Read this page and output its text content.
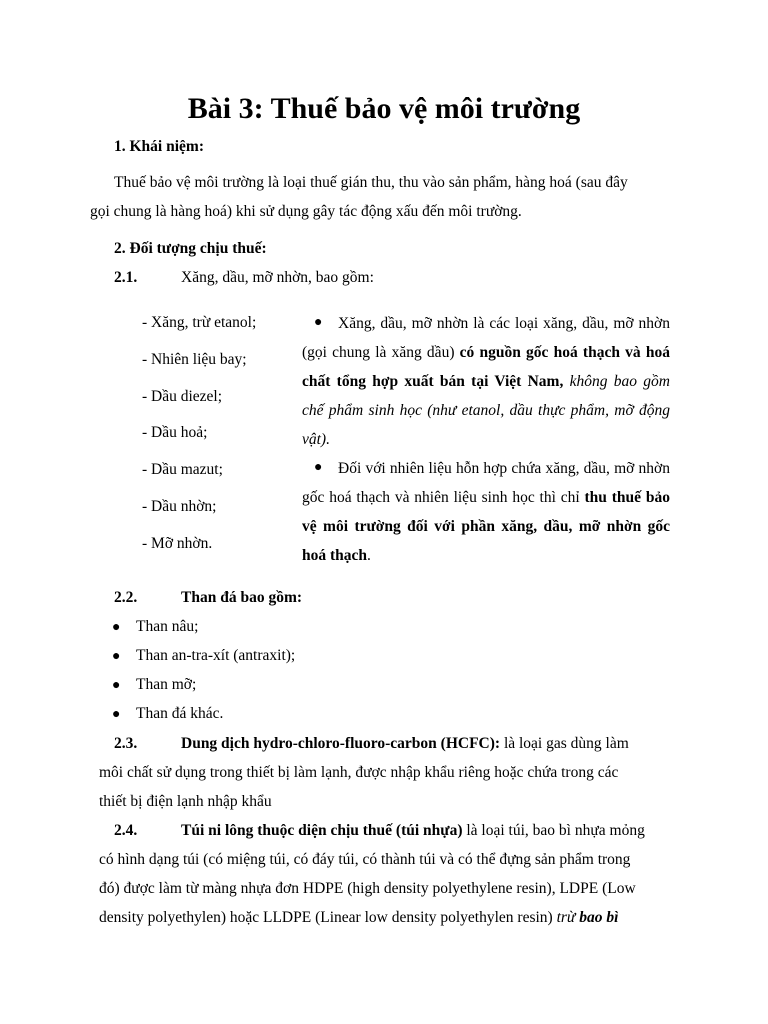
Bài 3: Thuế bảo vệ môi trường
1. Khái niệm:
Thuế bảo vệ môi trường là loại thuế gián thu, thu vào sản phẩm, hàng hoá (sau đây
gọi chung là hàng hoá) khi sử dụng gây tác động xấu đến môi trường.
2. Đối tượng chịu thuế:
2.1.	Xăng, dầu, mỡ nhờn, bao gồm:
- Xăng, trừ etanol;
- Nhiên liệu bay;
- Dầu diezel;
- Dầu hoả;
- Dầu mazut;
- Dầu nhờn;
- Mỡ nhờn.
●	Xăng, dầu, mỡ nhờn là các loại xăng, dầu, mỡ nhờn (gọi chung là xăng dầu) có nguồn gốc hoá thạch và hoá chất tổng hợp xuất bán tại Việt Nam, không bao gồm chế phẩm sinh học (như etanol, dầu thực phẩm, mỡ động vật).
●	Đối với nhiên liệu hỗn hợp chứa xăng, dầu, mỡ nhờn gốc hoá thạch và nhiên liệu sinh học thì chỉ thu thuế bảo vệ môi trường đối với phần xăng, dầu, mỡ nhờn gốc hoá thạch.
2.2.	Than đá bao gồm:
● Than nâu;
● Than an-tra-xít (antraxit);
● Than mỡ;
● Than đá khác.
2.3.	Dung dịch hydro-chloro-fluoro-carbon (HCFC): là loại gas dùng làm
môi chất sử dụng trong thiết bị làm lạnh, được nhập khẩu riêng hoặc chứa trong các
thiết bị điện lạnh nhập khẩu
2.4.	Túi ni lông thuộc diện chịu thuế (túi nhựa) là loại túi, bao bì nhựa mỏng
có hình dạng túi (có miệng túi, có đáy túi, có thành túi và có thể đựng sản phẩm trong
đó) được làm từ màng nhựa đơn HDPE (high density polyethylene resin), LDPE (Low
density polyethylen) hoặc LLDPE (Linear low density polyethylen resin) trừ bao bì
